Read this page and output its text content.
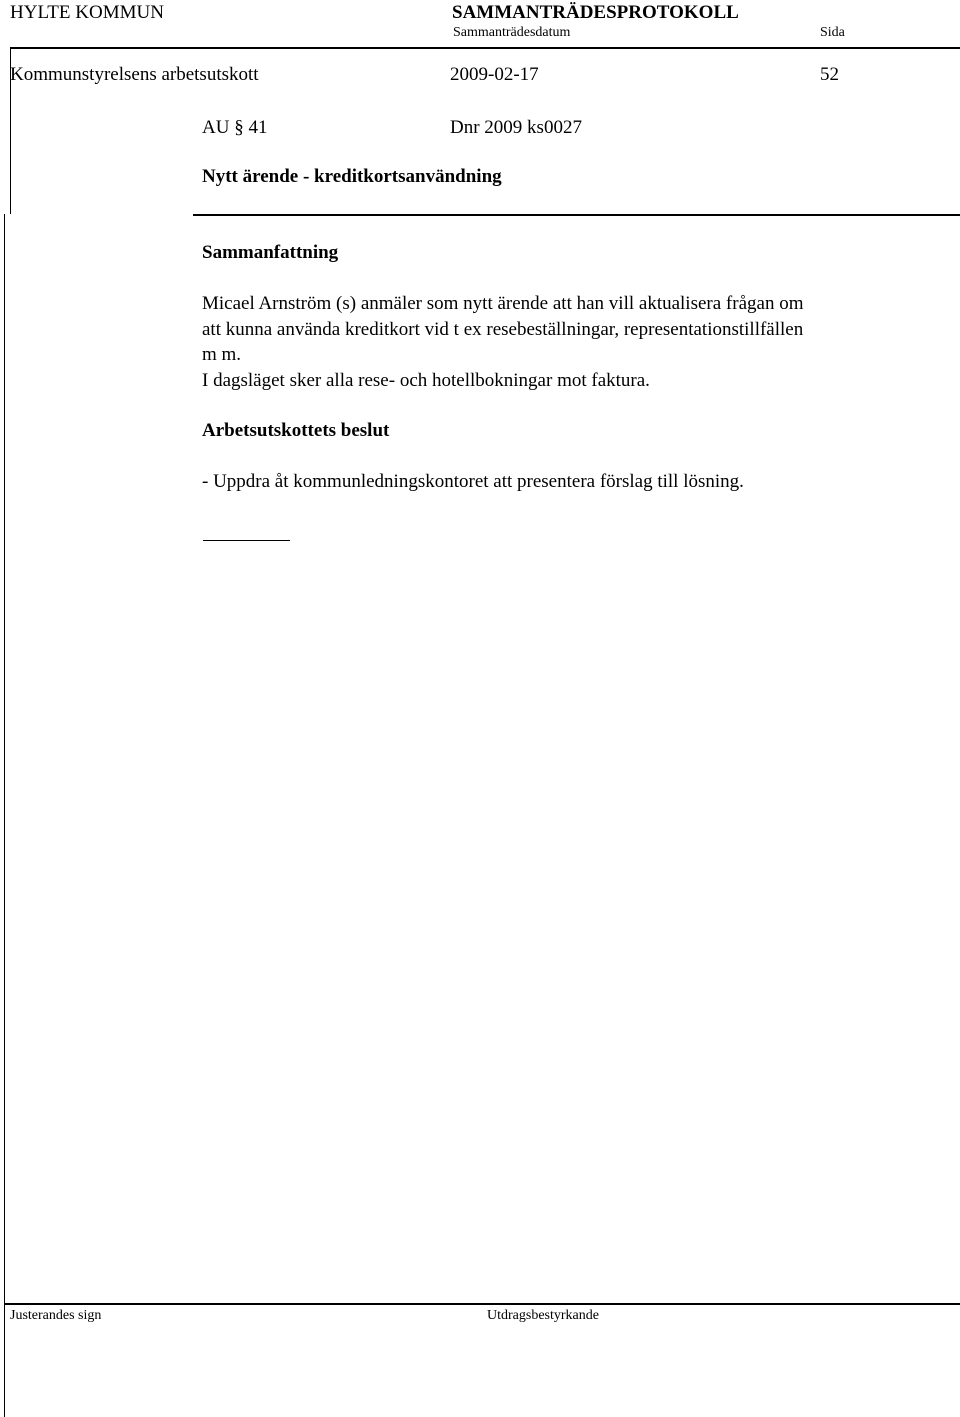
HYLTE KOMMUN	SAMMANTRÄDESPROTOKOLL
Sammanträdesdatum	Sida
Kommunstyrelsens arbetsutskott	2009-02-17	52
AU § 41	Dnr 2009 ks0027
Nytt ärende - kreditkortsanvändning
Sammanfattning
Micael Arnström (s) anmäler som nytt ärende att han vill aktualisera frågan om
att kunna använda kreditkort vid t ex resebeställningar, representationstillfällen
m m.
I dagsläget sker alla rese- och hotellbokningar mot faktura.
Arbetsutskottets beslut
- Uppdra åt kommunledningskontoret att presentera förslag till lösning.
Justerandes sign	Utdragsbestyrkande
